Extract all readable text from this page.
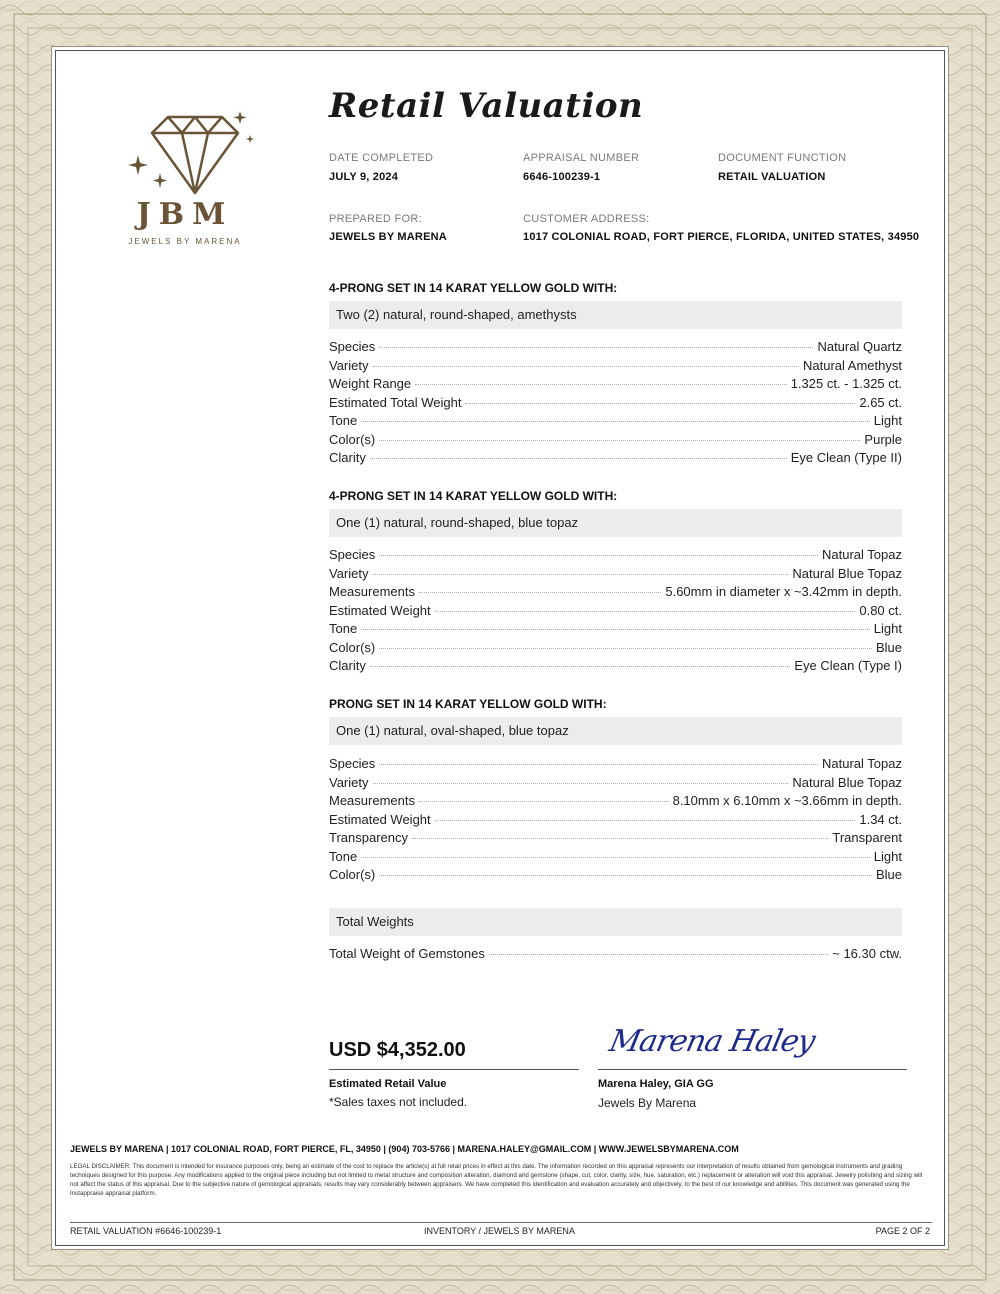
JBM
JEWELS BY MARENA
Retail Valuation
DATE COMPLETED
JULY 9, 2024
APPRAISAL NUMBER
6646-100239-1
DOCUMENT FUNCTION
RETAIL VALUATION
PREPARED FOR:
JEWELS BY MARENA
CUSTOMER ADDRESS:
1017 COLONIAL ROAD, FORT PIERCE, FLORIDA, UNITED STATES, 34950
4-PRONG SET IN 14 KARAT YELLOW GOLD WITH:
Two (2) natural, round-shaped, amethysts
Species	Natural Quartz
Variety	Natural Amethyst
Weight Range	1.325 ct. - 1.325 ct.
Estimated Total Weight	2.65 ct.
Tone	Light
Color(s)	Purple
Clarity	Eye Clean (Type II)
4-PRONG SET IN 14 KARAT YELLOW GOLD WITH:
One (1) natural, round-shaped, blue topaz
Species	Natural Topaz
Variety	Natural Blue Topaz
Measurements	5.60mm in diameter x ~3.42mm in depth.
Estimated Weight	0.80 ct.
Tone	Light
Color(s)	Blue
Clarity	Eye Clean (Type I)
PRONG SET IN 14 KARAT YELLOW GOLD WITH:
One (1) natural, oval-shaped, blue topaz
Species	Natural Topaz
Variety	Natural Blue Topaz
Measurements	8.10mm x 6.10mm x ~3.66mm in depth.
Estimated Weight	1.34 ct.
Transparency	Transparent
Tone	Light
Color(s)	Blue
Total Weights
Total Weight of Gemstones	~ 16.30 ctw.
USD $4,352.00
Estimated Retail Value
*Sales taxes not included.
Marena Haley
Marena Haley, GIA GG
Jewels By Marena
JEWELS BY MARENA | 1017 COLONIAL ROAD, FORT PIERCE, FL, 34950 | (904) 703-5766 | MARENA.HALEY@GMAIL.COM | WWW.JEWELSBYMARENA.COM
LEGAL DISCLAIMER: This document is intended for insurance purposes only, being an estimate of the cost to replace the article(s) at full retail prices in effect at this date. The information recorded on this appraisal represents our interpretation of results obtained from gemological instruments and grading techniques designed for this purpose. Any modifications applied to the original piece including but not limited to metal structure and composition alteration, diamond and gemstone (shape, cut, color, clarity, size, hue, saturation, etc.) replacement or alteration will void this appraisal. Jewelry polishing and sizing will not affect the status of this appraisal. Due to the subjective nature of gemological appraisals, results may vary considerably between appraisers. We have completed this identification and evaluation accurately and objectively, to the best of our knowledge and abilities. This document was generated using the Instappraise appraisal platform.
RETAIL VALUATION #6646-100239-1	INVENTORY / JEWELS BY MARENA	PAGE 2 OF 2
